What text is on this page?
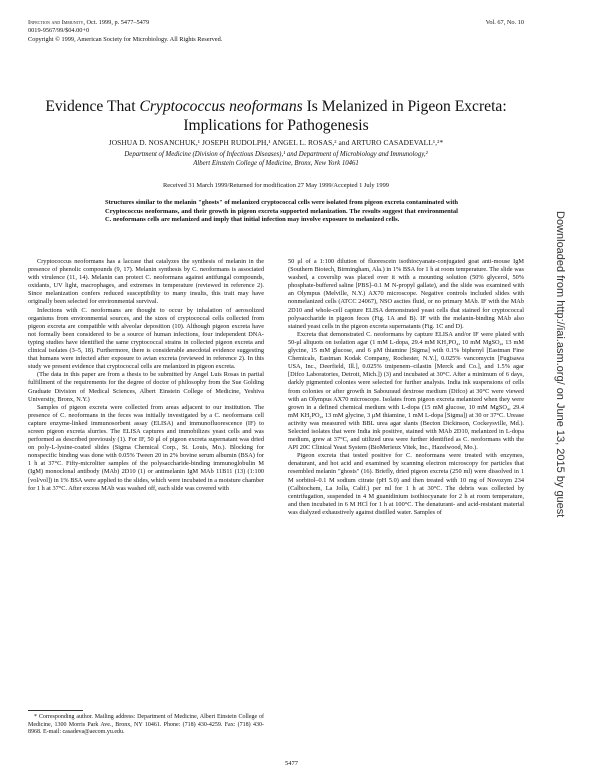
Infection and Immunity, Oct. 1999, p. 5477–5479
0019-9567/99/$04.00+0
Copyright © 1999, American Society for Microbiology. All Rights Reserved.
Vol. 67, No. 10
Evidence That Cryptococcus neoformans Is Melanized in Pigeon Excreta: Implications for Pathogenesis
JOSHUA D. NOSANCHUK,¹ JOSEPH RUDOLPH,¹ ANGEL L. ROSAS,² and ARTURO CASADEVALL¹,²*
Department of Medicine (Division of Infectious Diseases),¹ and Department of Microbiology and Immunology,²
Albert Einstein College of Medicine, Bronx, New York 10461
Received 31 March 1999/Returned for modification 27 May 1999/Accepted 1 July 1999
Structures similar to the melanin "ghosts" of melanized cryptococcal cells were isolated from pigeon excreta contaminated with Cryptococcus neoformans, and their growth in pigeon excreta supported melanization. The results suggest that environmental C. neoformans cells are melanized and imply that initial infection may involve exposure to melanized cells.

Cryptococcus neoformans has a laccase that catalyzes the synthesis of melanin in the presence of phenolic compounds (9, 17). Melanin synthesis by C. neoformans is associated with virulence (11, 14). Melanin can protect C. neoformans against antifungal compounds, oxidants, UV light, macrophages, and extremes in temperature (reviewed in reference 2). Since melanization confers reduced susceptibility to many insults, this trait may have originally been selected for environmental survival.

Infections with C. neoformans are thought to occur by inhalation of aerosolized organisms from environmental sources, and the sizes of cryptococcal cells collected from pigeon excreta are compatible with alveolar deposition (10). Although pigeon excreta have not formally been considered to be a source of human infections, four independent DNA-typing studies have identified the same cryptococcal strains in collected pigeon excreta and clinical isolates (3–5, 18). Furthermore, there is considerable anecdotal evidence suggesting that humans were infected after exposure to avian excreta (reviewed in reference 2). In this study we present evidence that cryptococcal cells are melanized in pigeon excreta.

(The data in this paper are from a thesis to be submitted by Angel Luis Rosas in partial fulfillment of the requirements for the degree of doctor of philosophy from the Sue Golding Graduate Division of Medical Sciences, Albert Einstein College of Medicine, Yeshiva University, Bronx, N.Y.)

Samples of pigeon excreta were collected from areas adjacent to our institution. The presence of C. neoformans in the feces was initially investigated by a C. neoformans cell capture enzyme-linked immunosorbent assay (ELISA) and immunofluorescence (IF) to screen pigeon excreta slurries. The ELISA captures and immobilizes yeast cells and was performed as described previously (1). For IF, 50 μl of pigeon excreta supernatant was dried on poly-L-lysine-coated slides (Sigma Chemical Corp., St. Louis, Mo.). Blocking for nonspecific binding was done with 0.05% Tween 20 in 2% bovine serum albumin (BSA) for 1 h at 37°C. Fifty-microliter samples of the polysaccharide-binding immunoglobulin M (IgM) monoclonal antibody (MAb) 2D10 (1) or antimelanin IgM MAb 11B11 (13) (1:100 [vol/vol]) in 1% BSA were applied to the slides, which were incubated in a moisture chamber for 1 h at 37°C. After excess MAb was washed off, each slide was covered with

50 μl of a 1:100 dilution of fluorescein isothiocyanate-conjugated goat anti-mouse IgM (Southern Biotech, Birmingham, Ala.) in 1% BSA for 1 h at room temperature. The slide was washed, a coverslip was placed over it with a mounting solution (50% glycerol, 50% phosphate-buffered saline [PBS]–0.1 M N-propyl gallate), and the slide was examined with an Olympus (Melville, N.Y.) AX70 microscope. Negative controls included slides with nonmelanized cells (ATCC 24067), NSO ascites fluid, or no primary MAb. IF with the MAb 2D10 and whole-cell capture ELISA demonstrated yeast cells that stained for cryptococcal polysaccharide in pigeon feces (Fig. 1A and B). IF with the melanin-binding MAb also stained yeast cells in the pigeon excreta supernatants (Fig. 1C and D).

Excreta that demonstrated C. neoformans by capture ELISA and/or IF were plated with 50-μl aliquots on isolation agar (1 mM L-dopa, 29.4 mM KH₂PO₄, 10 mM MgSO₄, 13 mM glycine, 15 mM glucose, and 6 μM thiamine [Sigma] with 0.1% biphenyl [Eastman Fine Chemicals, Eastman Kodak Company, Rochester, N.Y.], 0.025% vancomycin [Fugisawa USA, Inc., Deerfield, Ill.], 0.025% imipenem–cilastin [Merck and Co.], and 1.5% agar [Difco Laboratories, Detroit, Mich.]) (3) and incubated at 30°C. After a minimum of 6 days, darkly pigmented colonies were selected for further analysis. India ink suspensions of cells from colonies or after growth in Sabouraud dextrose medium (Difco) at 30°C were viewed with an Olympus AX70 microscope. Isolates from pigeon excreta melanized when they were grown in a defined chemical medium with L-dopa (15 mM glucose, 10 mM MgSO₄, 29.4 mM KH₂PO₄, 13 mM glycine, 3 μM thiamine, 1 mM L-dopa [Sigma]) at 30 or 37°C. Urease activity was measured with BBL urea agar slants (Becton Dickinson, Cockeysville, Md.). Selected isolates that were India ink positive, stained with MAb 2D10, melanized in L-dopa medium, grew at 37°C, and utilized urea were further identified as C. neoformans with the API 20C Clinical Yeast System (BioMerieux Vitek, Inc., Hazelwood, Mo.).

Pigeon excreta that tested positive for C. neoformans were treated with enzymes, denaturant, and hot acid and examined by scanning electron microscopy for particles that resembled melanin "ghosts" (16). Briefly, dried pigeon excreta (250 ml) were dissolved in 1 M sorbitol–0.1 M sodium citrate (pH 5.0) and then treated with 10 mg of Novozym 234 (Calbiochem, La Jolla, Calif.) per ml for 1 h at 30°C. The debris was collected by centrifugation, suspended in 4 M guanidinium isothiocyanate for 2 h at room temperature, and then incubated in 6 M HCl for 1 h at 100°C. The denaturant- and acid-resistant material was dialyzed exhaustively against distilled water. Samples of

* Corresponding author. Mailing address: Department of Medicine, Albert Einstein College of Medicine, 1300 Morris Park Ave., Bronx, NY 10461. Phone: (718) 430-4259. Fax: (718) 430-8968. E-mail: casadeva@aecom.yu.edu.

5477
Downloaded from http://iai.asm.org/ on June 13, 2015 by guest
